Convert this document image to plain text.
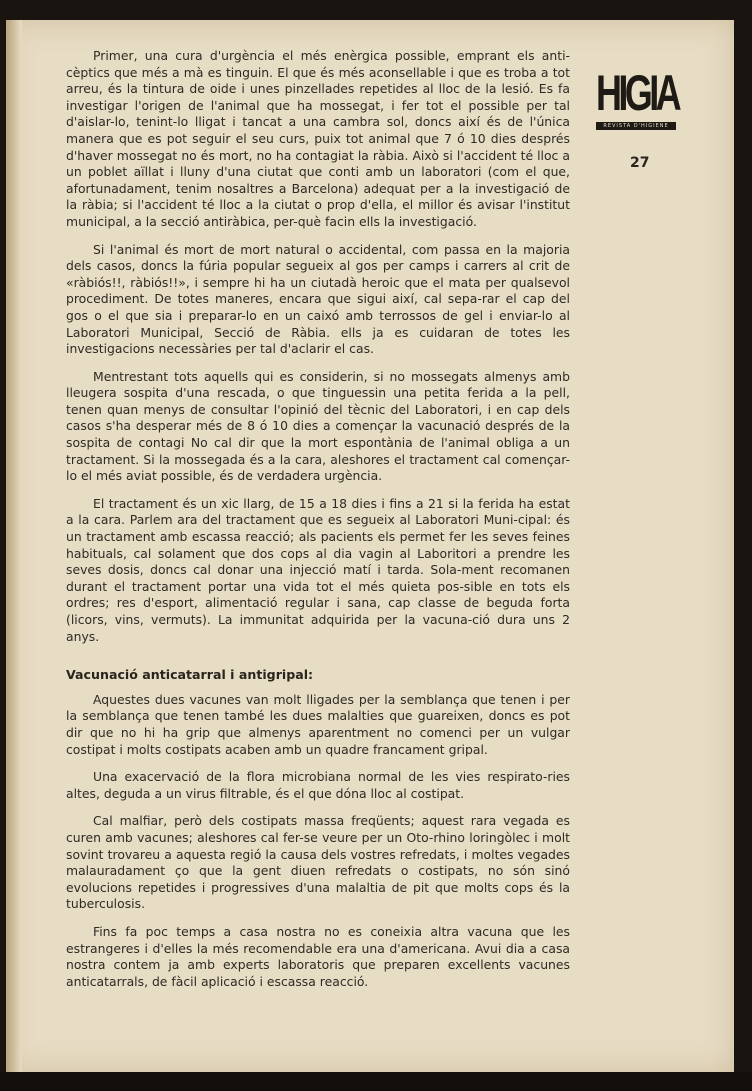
HIGIA
REVISTA D'HIGIENE
27

Primer, una cura d'urgència el més enèrgica possible, emprant els anti-cèptics que més a mà es tinguin. El que és més aconsellable i que es troba a tot arreu, és la tintura de oide i unes pinzellades repetides al lloc de la lesió. Es fa investigar l'origen de l'animal que ha mossegat, i fer tot el possible per tal d'aislar-lo, tenint-lo lligat i tancat a una cambra sol, doncs així és de l'única manera que es pot seguir el seu curs, puix tot animal que 7 ó 10 dies després d'haver mossegat no és mort, no ha contagiat la ràbia. Això si l'accident té lloc a un poblet aïllat i lluny d'una ciutat que conti amb un laboratori (com el que, afortunadament, tenim nosaltres a Barcelona) adequat per a la investigació de la ràbia; si l'accident té lloc a la ciutat o prop d'ella, el millor és avisar l'institut municipal, a la secció antiràbica, per-què facin ells la investigació.

Si l'animal és mort de mort natural o accidental, com passa en la majoria dels casos, doncs la fúria popular segueix al gos per camps i carrers al crit de «ràbiós!!, ràbiós!!», i sempre hi ha un ciutadà heroic que el mata per qualsevol procediment. De totes maneres, encara que sigui així, cal sepa-rar el cap del gos o el que sia i preparar-lo en un caixó amb terrossos de gel i enviar-lo al Laboratori Municipal, Secció de Ràbia. ells ja es cuidaran de totes les investigacions necessàries per tal d'aclarir el cas.

Mentrestant tots aquells qui es considerin, si no mossegats almenys amb lleugera sospita d'una rescada, o que tinguessin una petita ferida a la pell, tenen quan menys de consultar l'opinió del tècnic del Laboratori, i en cap dels casos s'ha desperar més de 8 ó 10 dies a començar la vacunació després de la sospita de contagi No cal dir que la mort espontània de l'animal obliga a un tractament. Si la mossegada és a la cara, aleshores el tractament cal començar-lo el més aviat possible, és de verdadera urgència.

El tractament és un xic llarg, de 15 a 18 dies i fins a 21 si la ferida ha estat a la cara. Parlem ara del tractament que es segueix al Laboratori Muni-cipal: és un tractament amb escassa reacció; als pacients els permet fer les seves feines habituals, cal solament que dos cops al dia vagin al Laboritori a prendre les seves dosis, doncs cal donar una injecció matí i tarda. Sola-ment recomanen durant el tractament portar una vida tot el més quieta pos-sible en tots els ordres; res d'esport, alimentació regular i sana, cap classe de beguda forta (licors, vins, vermuts). La immunitat adquirida per la vacuna-ció dura uns 2 anys.

Vacunació anticatarral i antigripal:

Aquestes dues vacunes van molt lligades per la semblança que tenen i per la semblança que tenen també les dues malalties que guareixen, doncs es pot dir que no hi ha grip que almenys aparentment no comenci per un vulgar costipat i molts costipats acaben amb un quadre francament gripal.

Una exacervació de la flora microbiana normal de les vies respirato-ries altes, deguda a un virus filtrable, és el que dóna lloc al costipat.

Cal malfiar, però dels costipats massa freqüents; aquest rara vegada es curen amb vacunes; aleshores cal fer-se veure per un Oto-rhino loringòlec i molt sovint trovareu a aquesta regió la causa dels vostres refredats, i moltes vegades malauradament ço que la gent diuen refredats o costipats, no són sinó evolucions repetides i progressives d'una malaltia de pit que molts cops és la tuberculosis.

Fins fa poc temps a casa nostra no es coneixia altra vacuna que les estrangeres i d'elles la més recomendable era una d'americana. Avui dia a casa nostra contem ja amb experts laboratoris que preparen excellents vacunes anticatarrals, de fàcil aplicació i escassa reacció.
